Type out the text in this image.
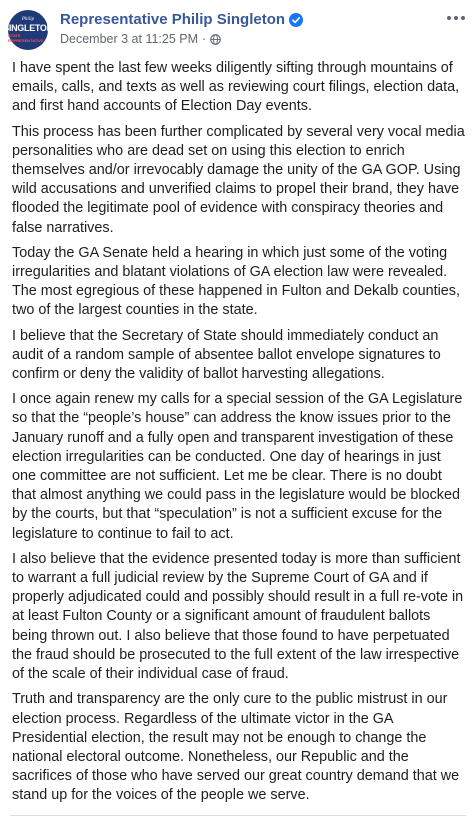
Philip
SINGLETON
STATE REPRESENTATIVE
Representative Philip Singleton
December 3 at 11:25 PM ·

I have spent the last few weeks diligently sifting through mountains of emails, calls, and texts as well as reviewing court filings, election data, and first hand accounts of Election Day events.

This process has been further complicated by several very vocal media personalities who are dead set on using this election to enrich themselves and/or irrevocably damage the unity of the GA GOP. Using wild accusations and unverified claims to propel their brand, they have flooded the legitimate pool of evidence with conspiracy theories and false narratives.

Today the GA Senate held a hearing in which just some of the voting irregularities and blatant violations of GA election law were revealed. The most egregious of these happened in Fulton and Dekalb counties, two of the largest counties in the state.

I believe that the Secretary of State should immediately conduct an audit of a random sample of absentee ballot envelope signatures to confirm or deny the validity of ballot harvesting allegations.

I once again renew my calls for a special session of the GA Legislature so that the “people’s house” can address the know issues prior to the January runoff and a fully open and transparent investigation of these election irregularities can be conducted. One day of hearings in just one committee are not sufficient. Let me be clear. There is no doubt that almost anything we could pass in the legislature would be blocked by the courts, but that “speculation” is not a sufficient excuse for the legislature to continue to fail to act.

I also believe that the evidence presented today is more than sufficient to warrant a full judicial review by the Supreme Court of GA and if properly adjudicated could and possibly should result in a full re-vote in at least Fulton County or a significant amount of fraudulent ballots being thrown out. I also believe that those found to have perpetuated the fraud should be prosecuted to the full extent of the law irrespective of the scale of their individual case of fraud.

Truth and transparency are the only cure to the public mistrust in our election process. Regardless of the ultimate victor in the GA Presidential election, the result may not be enough to change the national electoral outcome. Nonetheless, our Republic and the sacrifices of those who have served our great country demand that we stand up for the voices of the people we serve.
